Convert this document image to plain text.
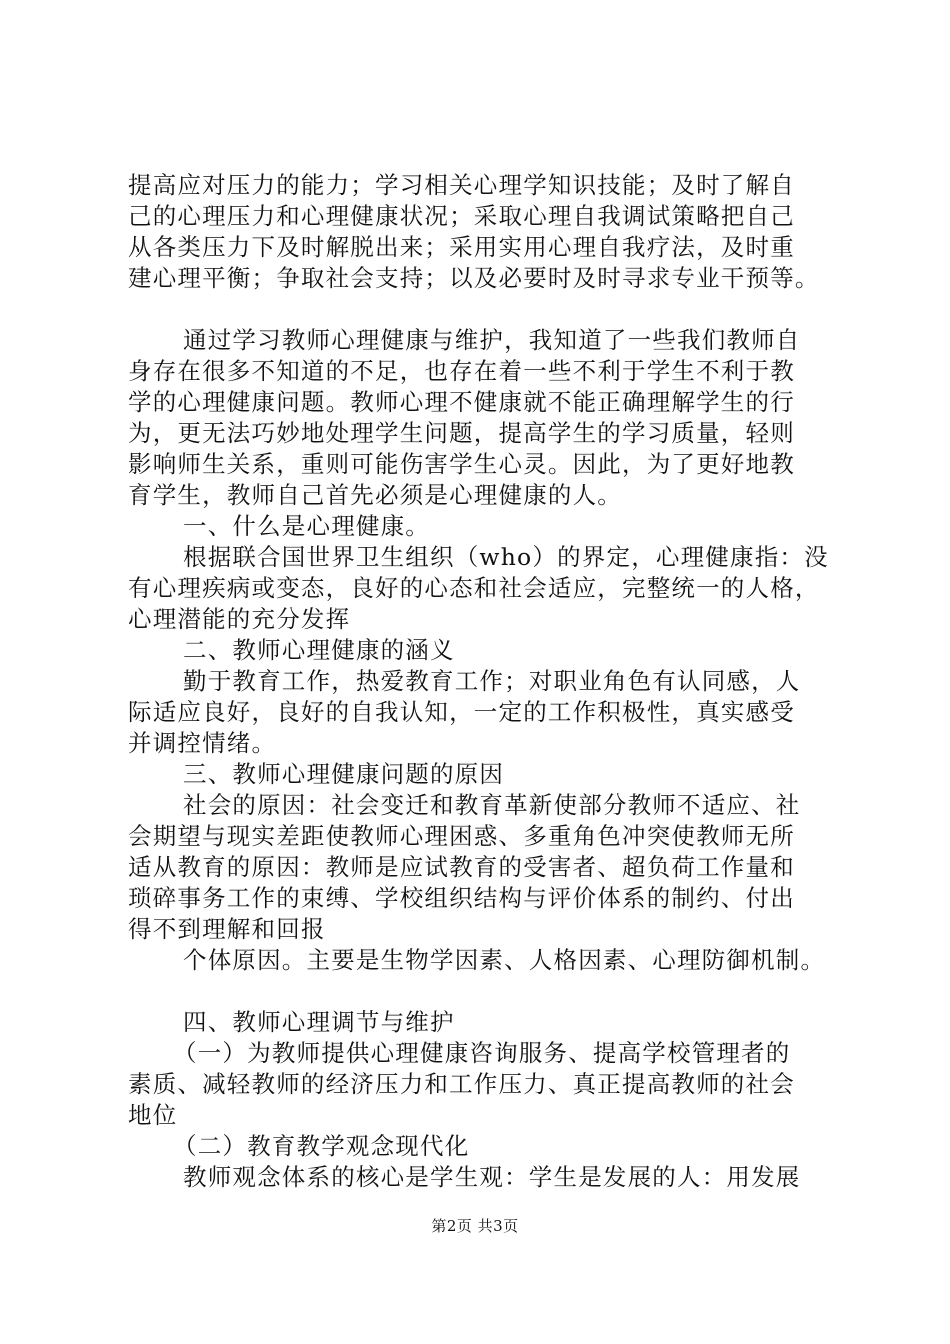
提高应对压力的能力；学习相关心理学知识技能；及时了解自
己的心理压力和心理健康状况；采取心理自我调试策略把自己
从各类压力下及时解脱出来；采用实用心理自我疗法，及时重
建心理平衡；争取社会支持；以及必要时及时寻求专业干预等。
通过学习教师心理健康与维护，我知道了一些我们教师自
身存在很多不知道的不足，也存在着一些不利于学生不利于教
学的心理健康问题。教师心理不健康就不能正确理解学生的行
为，更无法巧妙地处理学生问题，提高学生的学习质量，轻则
影响师生关系，重则可能伤害学生心灵。因此，为了更好地教
育学生，教师自己首先必须是心理健康的人。
一、什么是心理健康。
根据联合国世界卫生组织（who）的界定，心理健康指：没
有心理疾病或变态，良好的心态和社会适应，完整统一的人格，
心理潜能的充分发挥
二、教师心理健康的涵义
勤于教育工作，热爱教育工作；对职业角色有认同感，人
际适应良好，良好的自我认知，一定的工作积极性，真实感受
并调控情绪。
三、教师心理健康问题的原因
社会的原因：社会变迁和教育革新使部分教师不适应、社
会期望与现实差距使教师心理困惑、多重角色冲突使教师无所
适从教育的原因：教师是应试教育的受害者、超负荷工作量和
琐碎事务工作的束缚、学校组织结构与评价体系的制约、付出
得不到理解和回报
个体原因。主要是生物学因素、人格因素、心理防御机制。
四、教师心理调节与维护
（一）为教师提供心理健康咨询服务、提高学校管理者的
素质、减轻教师的经济压力和工作压力、真正提高教师的社会
地位
（二）教育教学观念现代化
教师观念体系的核心是学生观：学生是发展的人：用发展
第2页 共3页
